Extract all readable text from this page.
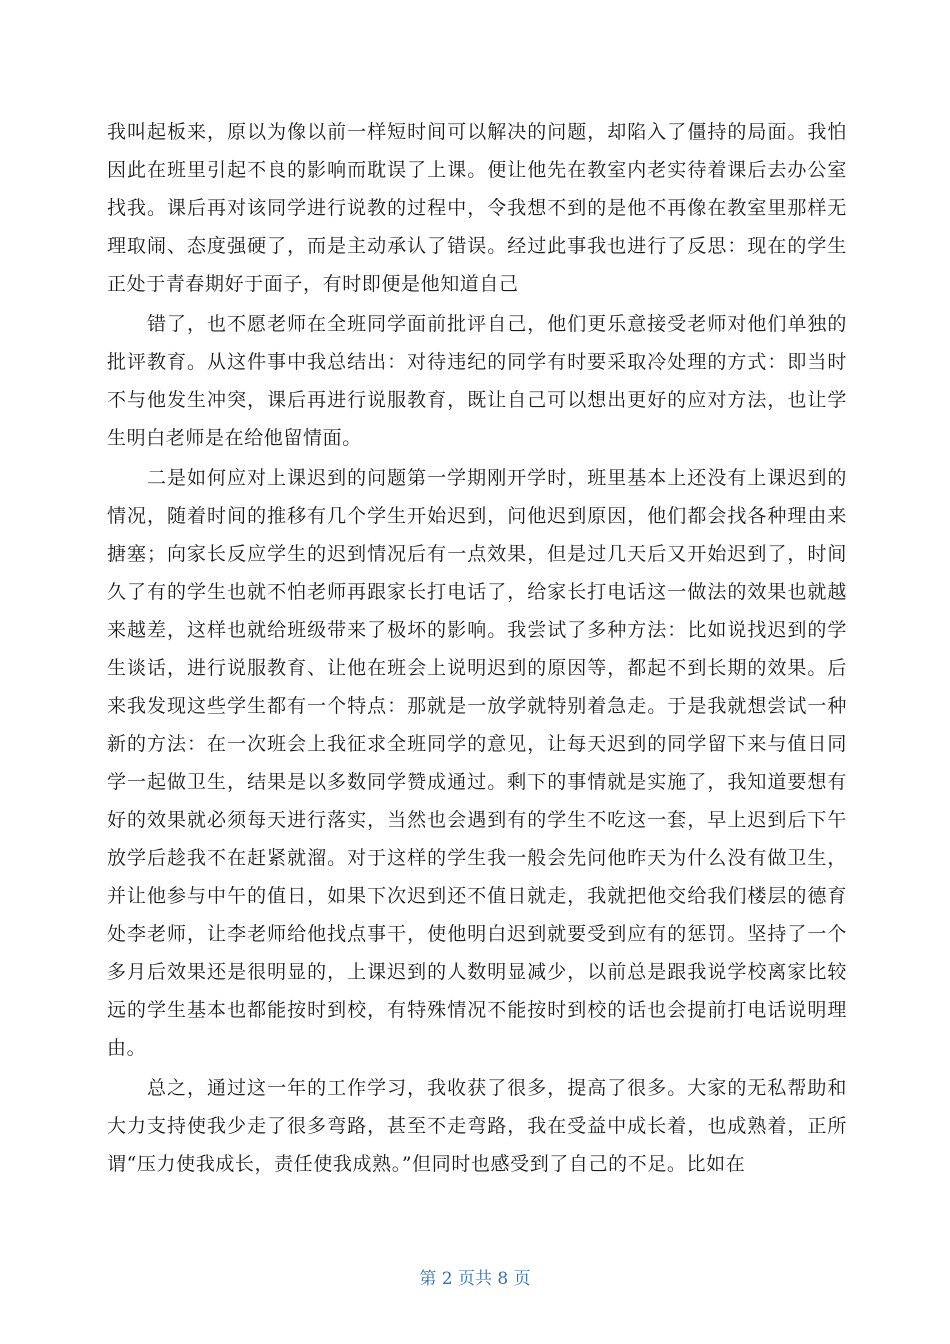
我叫起板来，原以为像以前一样短时间可以解决的问题，却陷入了僵持的局面。我怕因此在班里引起不良的影响而耽误了上课。便让他先在教室内老实待着课后去办公室找我。课后再对该同学进行说教的过程中，令我想不到的是他不再像在教室里那样无理取闹、态度强硬了，而是主动承认了错误。经过此事我也进行了反思：现在的学生正处于青春期好于面子，有时即便是他知道自己

错了，也不愿老师在全班同学面前批评自己，他们更乐意接受老师对他们单独的批评教育。从这件事中我总结出：对待违纪的同学有时要采取冷处理的方式：即当时不与他发生冲突，课后再进行说服教育，既让自己可以想出更好的应对方法，也让学生明白老师是在给他留情面。

二是如何应对上课迟到的问题第一学期刚开学时，班里基本上还没有上课迟到的情况，随着时间的推移有几个学生开始迟到，问他迟到原因，他们都会找各种理由来搪塞；向家长反应学生的迟到情况后有一点效果，但是过几天后又开始迟到了，时间久了有的学生也就不怕老师再跟家长打电话了，给家长打电话这一做法的效果也就越来越差，这样也就给班级带来了极坏的影响。我尝试了多种方法：比如说找迟到的学生谈话，进行说服教育、让他在班会上说明迟到的原因等，都起不到长期的效果。后来我发现这些学生都有一个特点：那就是一放学就特别着急走。于是我就想尝试一种新的方法：在一次班会上我征求全班同学的意见，让每天迟到的同学留下来与值日同学一起做卫生，结果是以多数同学赞成通过。剩下的事情就是实施了，我知道要想有好的效果就必须每天进行落实，当然也会遇到有的学生不吃这一套，早上迟到后下午放学后趁我不在赶紧就溜。对于这样的学生我一般会先问他昨天为什么没有做卫生，并让他参与中午的值日，如果下次迟到还不值日就走，我就把他交给我们楼层的德育处李老师，让李老师给他找点事干，使他明白迟到就要受到应有的惩罚。坚持了一个多月后效果还是很明显的，上课迟到的人数明显减少，以前总是跟我说学校离家比较远的学生基本也都能按时到校，有特殊情况不能按时到校的话也会提前打电话说明理由。

总之，通过这一年的工作学习，我收获了很多，提高了很多。大家的无私帮助和大力支持使我少走了很多弯路，甚至不走弯路，我在受益中成长着，也成熟着，正所谓“压力使我成长，责任使我成熟。”但同时也感受到了自己的不足。比如在

第 2 页共 8 页
